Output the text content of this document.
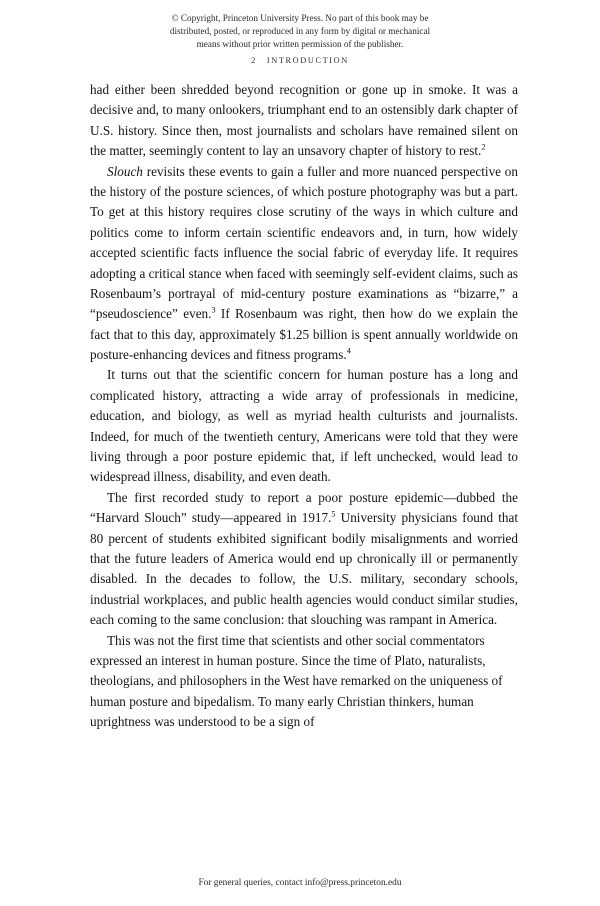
© Copyright, Princeton University Press. No part of this book may be
distributed, posted, or reproduced in any form by digital or mechanical
means without prior written permission of the publisher.
2 INTRODUCTION

had either been shredded beyond recognition or gone up in smoke. It was a decisive and, to many onlookers, triumphant end to an ostensibly dark chapter of U.S. history. Since then, most journalists and scholars have remained silent on the matter, seemingly content to lay an unsavory chapter of history to rest.$^2$

Slouch revisits these events to gain a fuller and more nuanced perspective on the history of the posture sciences, of which posture photography was but a part. To get at this history requires close scrutiny of the ways in which culture and politics come to inform certain scientific endeavors and, in turn, how widely accepted scientific facts influence the social fabric of everyday life. It requires adopting a critical stance when faced with seemingly self-evident claims, such as Rosenbaum’s portrayal of mid-century posture examinations as “bizarre,” a “pseudoscience” even.$^3$ If Rosenbaum was right, then how do we explain the fact that to this day, approximately $1.25 billion is spent annually worldwide on posture-enhancing devices and fitness programs.$^4$

It turns out that the scientific concern for human posture has a long and complicated history, attracting a wide array of professionals in medicine, education, and biology, as well as myriad health culturists and journalists. Indeed, for much of the twentieth century, Americans were told that they were living through a poor posture epidemic that, if left unchecked, would lead to widespread illness, disability, and even death.

The first recorded study to report a poor posture epidemic—dubbed the “Harvard Slouch” study—appeared in 1917.$^5$ University physicians found that 80 percent of students exhibited significant bodily misalignments and worried that the future leaders of America would end up chronically ill or permanently disabled. In the decades to follow, the U.S. military, secondary schools, industrial workplaces, and public health agencies would conduct similar studies, each coming to the same conclusion: that slouching was rampant in America.

This was not the first time that scientists and other social commentators expressed an interest in human posture. Since the time of Plato, naturalists, theologians, and philosophers in the West have remarked on the uniqueness of human posture and bipedalism. To many early Christian thinkers, human uprightness was understood to be a sign of

For general queries, contact info@press.princeton.edu
